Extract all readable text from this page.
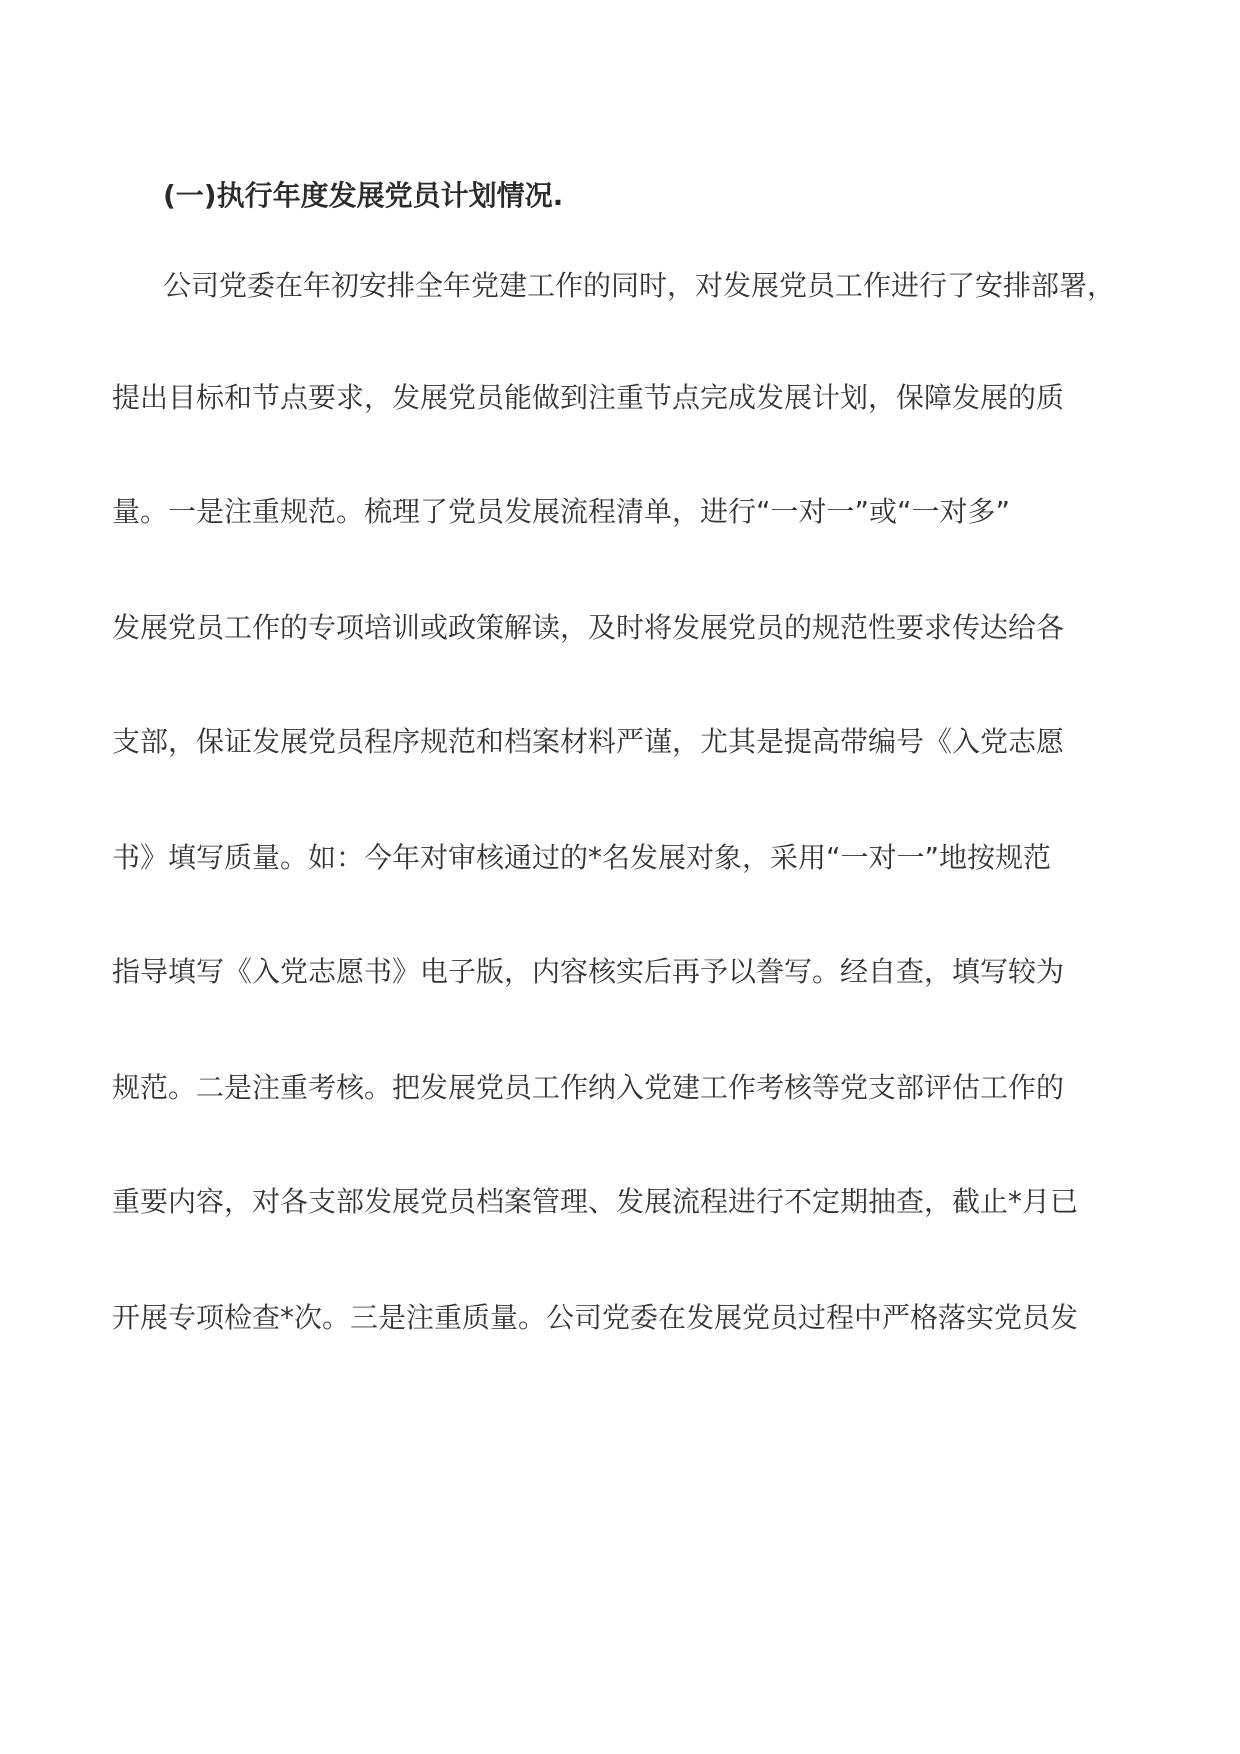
(一)执行年度发展党员计划情况.
公司党委在年初安排全年党建工作的同时，对发展党员工作进行了安排部署，
提出目标和节点要求，发展党员能做到注重节点完成发展计划，保障发展的质
量。一是注重规范。梳理了党员发展流程清单，进行“一对一”或“一对多”
发展党员工作的专项培训或政策解读，及时将发展党员的规范性要求传达给各
支部，保证发展党员程序规范和档案材料严谨，尤其是提高带编号《入党志愿
书》填写质量。如：今年对审核通过的*名发展对象，采用“一对一”地按规范
指导填写《入党志愿书》电子版，内容核实后再予以誊写。经自查，填写较为
规范。二是注重考核。把发展党员工作纳入党建工作考核等党支部评估工作的
重要内容，对各支部发展党员档案管理、发展流程进行不定期抽查，截止*月已
开展专项检查*次。三是注重质量。公司党委在发展党员过程中严格落实党员发
